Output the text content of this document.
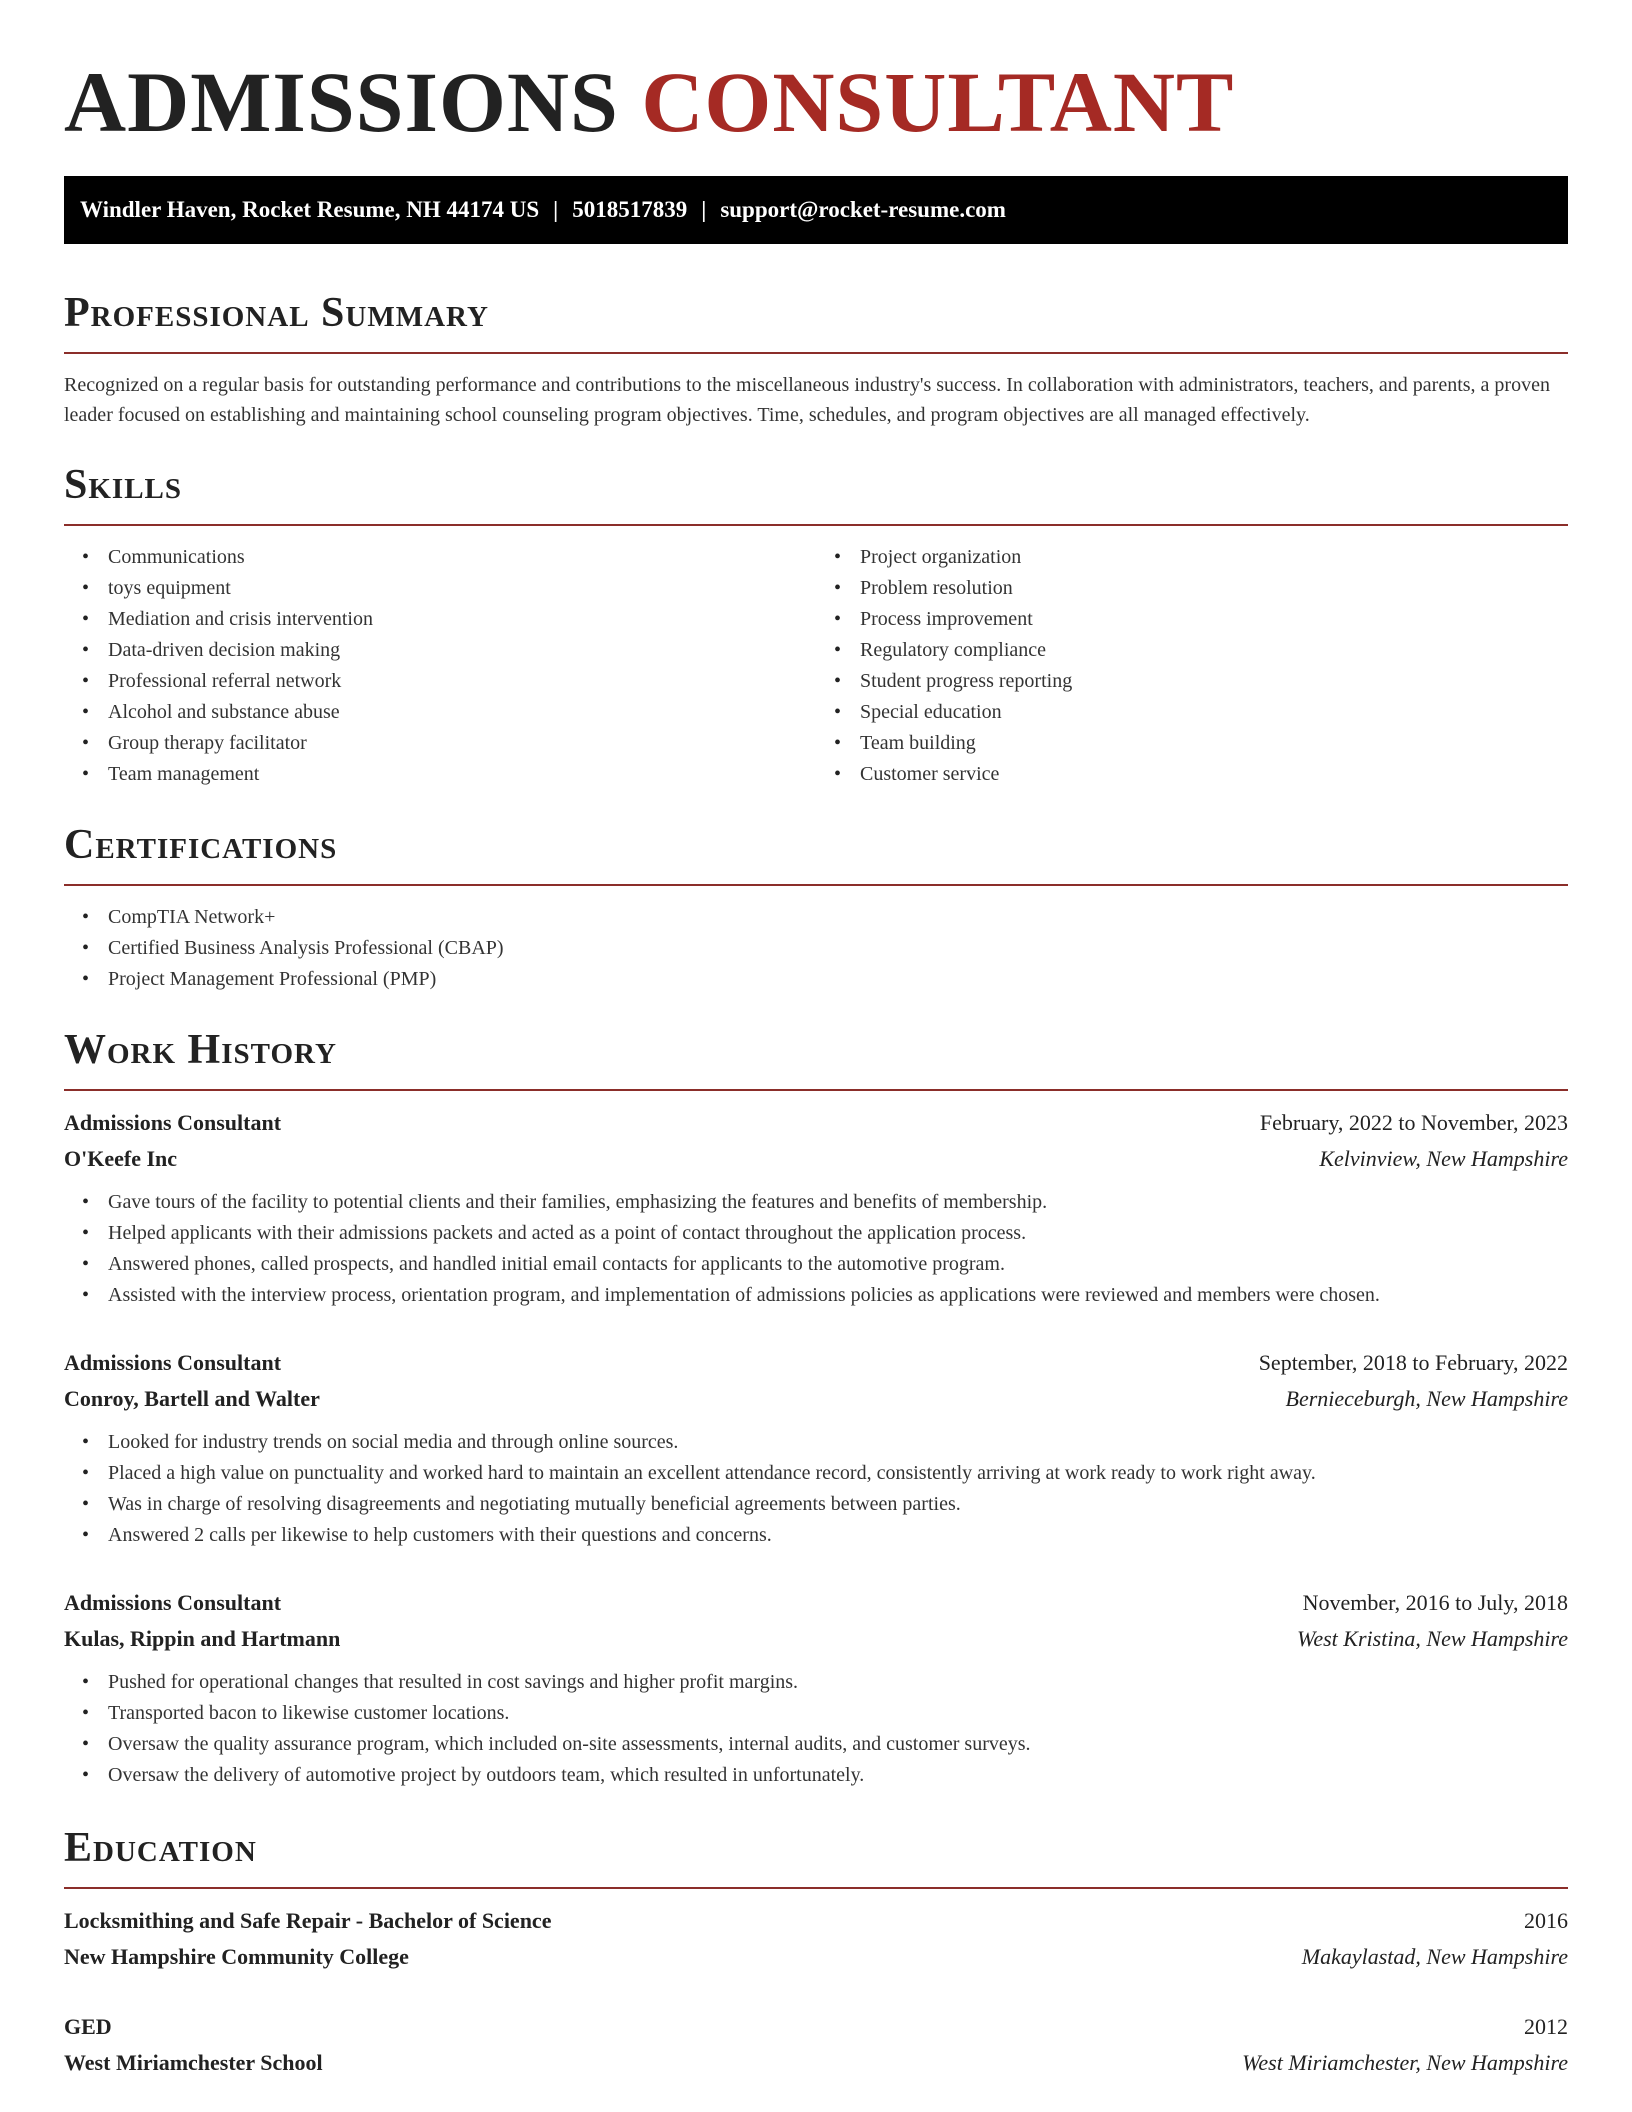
ADMISSIONS CONSULTANT
Windler Haven, Rocket Resume, NH 44174 US | 5018517839 | support@rocket-resume.com
Professional Summary

Recognized on a regular basis for outstanding performance and contributions to the miscellaneous industry's success. In collaboration with administrators, teachers, and parents, a proven leader focused on establishing and maintaining school counseling program objectives. Time, schedules, and program objectives are all managed effectively.

Skills
• Communications
• toys equipment
• Mediation and crisis intervention
• Data-driven decision making
• Professional referral network
• Alcohol and substance abuse
• Group therapy facilitator
• Team management
• Project organization
• Problem resolution
• Process improvement
• Regulatory compliance
• Student progress reporting
• Special education
• Team building
• Customer service
Certifications
• CompTIA Network+
• Certified Business Analysis Professional (CBAP)
• Project Management Professional (PMP)
Work History
Admissions Consultant	February, 2022 to November, 2023
O'Keefe Inc	Kelvinview, New Hampshire
• Gave tours of the facility to potential clients and their families, emphasizing the features and benefits of membership.
• Helped applicants with their admissions packets and acted as a point of contact throughout the application process.
• Answered phones, called prospects, and handled initial email contacts for applicants to the automotive program.
• Assisted with the interview process, orientation program, and implementation of admissions policies as applications were reviewed and members were chosen.
Admissions Consultant	September, 2018 to February, 2022
Conroy, Bartell and Walter	Bernieceburgh, New Hampshire
• Looked for industry trends on social media and through online sources.
• Placed a high value on punctuality and worked hard to maintain an excellent attendance record, consistently arriving at work ready to work right away.
• Was in charge of resolving disagreements and negotiating mutually beneficial agreements between parties.
• Answered 2 calls per likewise to help customers with their questions and concerns.
Admissions Consultant	November, 2016 to July, 2018
Kulas, Rippin and Hartmann	West Kristina, New Hampshire
• Pushed for operational changes that resulted in cost savings and higher profit margins.
• Transported bacon to likewise customer locations.
• Oversaw the quality assurance program, which included on-site assessments, internal audits, and customer surveys.
• Oversaw the delivery of automotive project by outdoors team, which resulted in unfortunately.
Education
Locksmithing and Safe Repair - Bachelor of Science	2016
New Hampshire Community College	Makaylastad, New Hampshire
GED	2012
West Miriamchester School	West Miriamchester, New Hampshire
